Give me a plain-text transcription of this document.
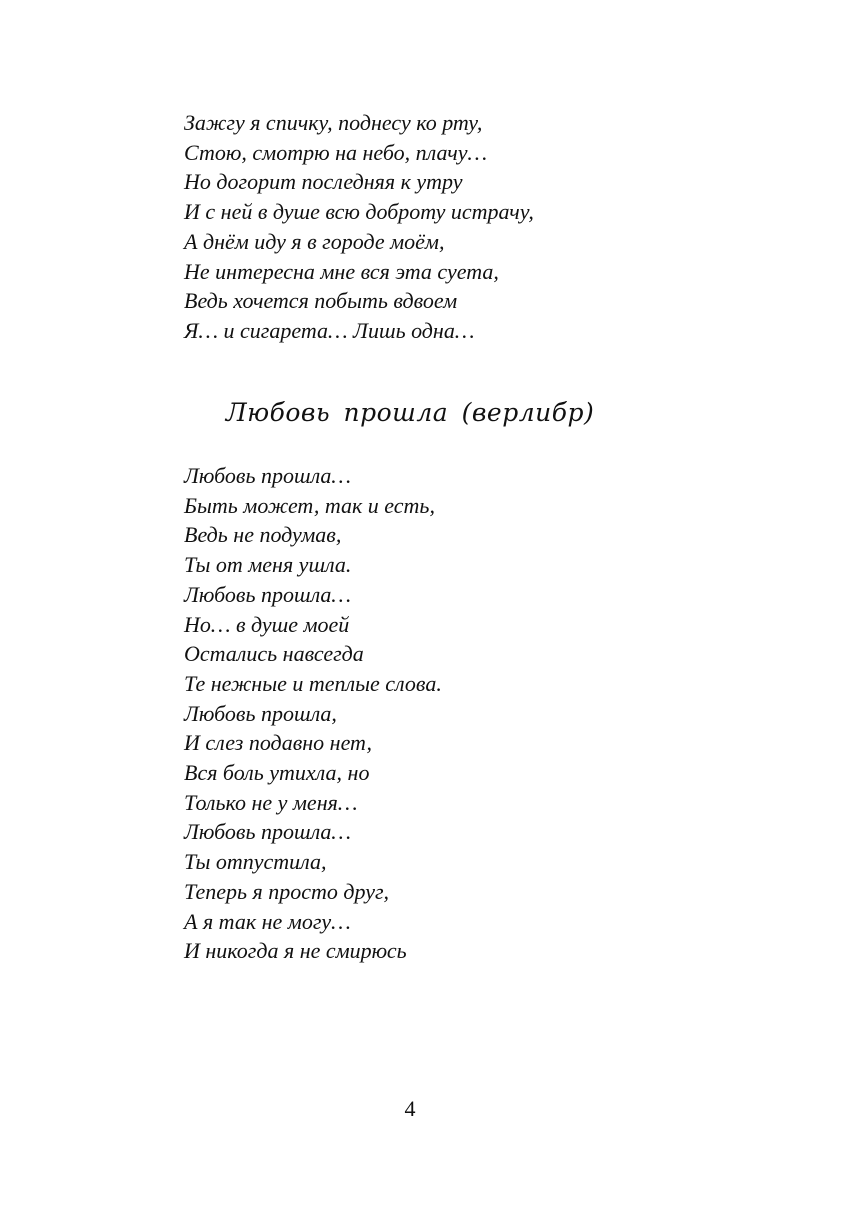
Зажгу я спичку, поднесу ко рту,
Стою, смотрю на небо, плачу…
Но догорит последняя к утру
И с ней в душе всю доброту истрачу,
А днём иду я в городе моём,
Не интересна мне вся эта суета,
Ведь хочется побыть вдвоем
Я… и сигарета… Лишь одна…
Любовь прошла (верлибр)
Любовь прошла…
Быть может, так и есть,
Ведь не подумав,
Ты от меня ушла.
Любовь прошла…
Но… в душе моей
Остались навсегда
Те нежные и теплые слова.
Любовь прошла,
И слез подавно нет,
Вся боль утихла, но
Только не у меня…
Любовь прошла…
Ты отпустила,
Теперь я просто друг,
А я так не могу…
И никогда я не смирюсь
4
